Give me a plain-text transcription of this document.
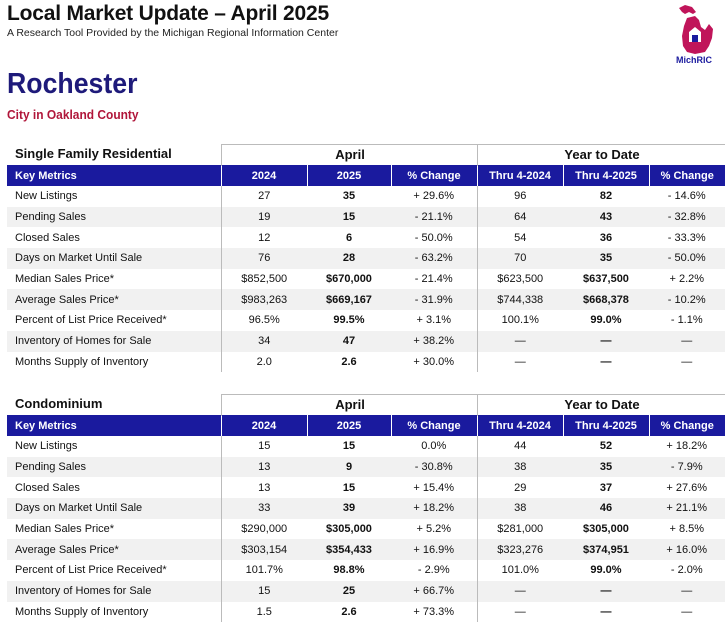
Local Market Update – April 2025
A Research Tool Provided by the Michigan Regional Information Center
MichRIC
Rochester
City in Oakland County
Single Family Residential	April	Year to Date
Key Metrics	2024	2025	% Change	Thru 4-2024	Thru 4-2025	% Change
New Listings	27	35	+ 29.6%	96	82	- 14.6%
Pending Sales	19	15	- 21.1%	64	43	- 32.8%
Closed Sales	12	6	- 50.0%	54	36	- 33.3%
Days on Market Until Sale	76	28	- 63.2%	70	35	- 50.0%
Median Sales Price*	$852,500	$670,000	- 21.4%	$623,500	$637,500	+ 2.2%
Average Sales Price*	$983,263	$669,167	- 31.9%	$744,338	$668,378	- 10.2%
Percent of List Price Received*	96.5%	99.5%	+ 3.1%	100.1%	99.0%	- 1.1%
Inventory of Homes for Sale	34	47	+ 38.2%	—	—	—
Months Supply of Inventory	2.0	2.6	+ 30.0%	—	—	—
Condominium	April	Year to Date
Key Metrics	2024	2025	% Change	Thru 4-2024	Thru 4-2025	% Change
New Listings	15	15	0.0%	44	52	+ 18.2%
Pending Sales	13	9	- 30.8%	38	35	- 7.9%
Closed Sales	13	15	+ 15.4%	29	37	+ 27.6%
Days on Market Until Sale	33	39	+ 18.2%	38	46	+ 21.1%
Median Sales Price*	$290,000	$305,000	+ 5.2%	$281,000	$305,000	+ 8.5%
Average Sales Price*	$303,154	$354,433	+ 16.9%	$323,276	$374,951	+ 16.0%
Percent of List Price Received*	101.7%	98.8%	- 2.9%	101.0%	99.0%	- 2.0%
Inventory of Homes for Sale	15	25	+ 66.7%	—	—	—
Months Supply of Inventory	1.5	2.6	+ 73.3%	—	—	—
